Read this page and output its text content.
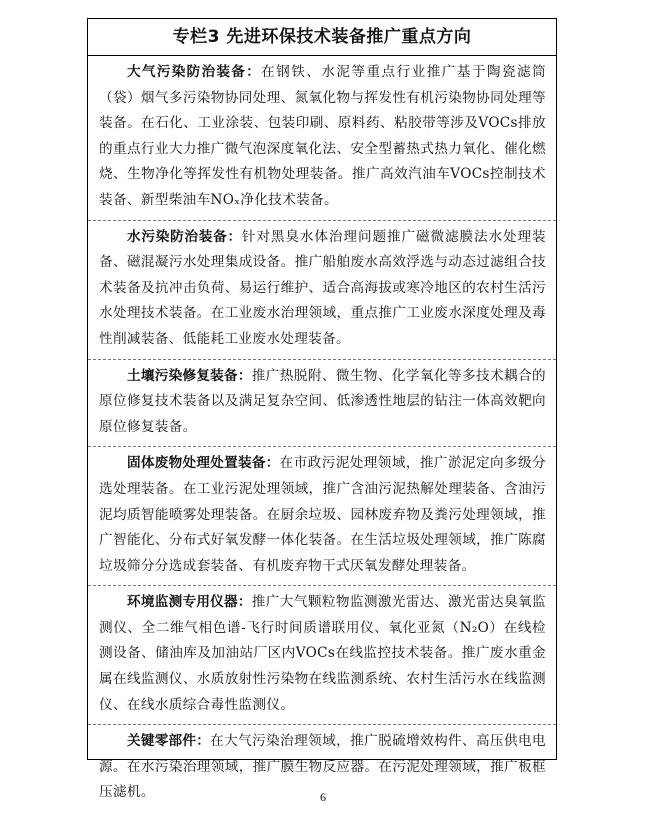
专栏3 先进环保技术装备推广重点方向

大气污染防治装备：在钢铁、水泥等重点行业推广基于陶瓷滤筒（袋）烟气多污染物协同处理、氮氧化物与挥发性有机污染物协同处理等装备。在石化、工业涂装、包装印刷、原料药、粘胶带等涉及VOCs排放的重点行业大力推广微气泡深度氧化法、安全型蓄热式热力氧化、催化燃烧、生物净化等挥发性有机物处理装备。推广高效汽油车VOCs控制技术装备、新型柴油车NOₓ净化技术装备。

水污染防治装备：针对黑臭水体治理问题推广磁微滤膜法水处理装备、磁混凝污水处理集成设备。推广船舶废水高效浮选与动态过滤组合技术装备及抗冲击负荷、易运行维护、适合高海拔或寒冷地区的农村生活污水处理技术装备。在工业废水治理领域，重点推广工业废水深度处理及毒性削减装备、低能耗工业废水处理装备。

土壤污染修复装备：推广热脱附、微生物、化学氧化等多技术耦合的原位修复技术装备以及满足复杂空间、低渗透性地层的钻注一体高效靶向原位修复装备。

固体废物处理处置装备：在市政污泥处理领域，推广淤泥定向多级分选处理装备。在工业污泥处理领域，推广含油污泥热解处理装备、含油污泥均质智能喷雾处理装备。在厨余垃圾、园林废弃物及粪污处理领域，推广智能化、分布式好氧发酵一体化装备。在生活垃圾处理领域，推广陈腐垃圾筛分分选成套装备、有机废弃物干式厌氧发酵处理装备。

环境监测专用仪器：推广大气颗粒物监测激光雷达、激光雷达臭氧监测仪、全二维气相色谱-飞行时间质谱联用仪、氧化亚氮（N₂O）在线检测设备、储油库及加油站厂区内VOCs在线监控技术装备。推广废水重金属在线监测仪、水质放射性污染物在线监测系统、农村生活污水在线监测仪、在线水质综合毒性监测仪。

关键零部件：在大气污染治理领域，推广脱硫增效构件、高压供电电源。在水污染治理领域，推广膜生物反应器。在污泥处理领域，推广板框压滤机。	6
